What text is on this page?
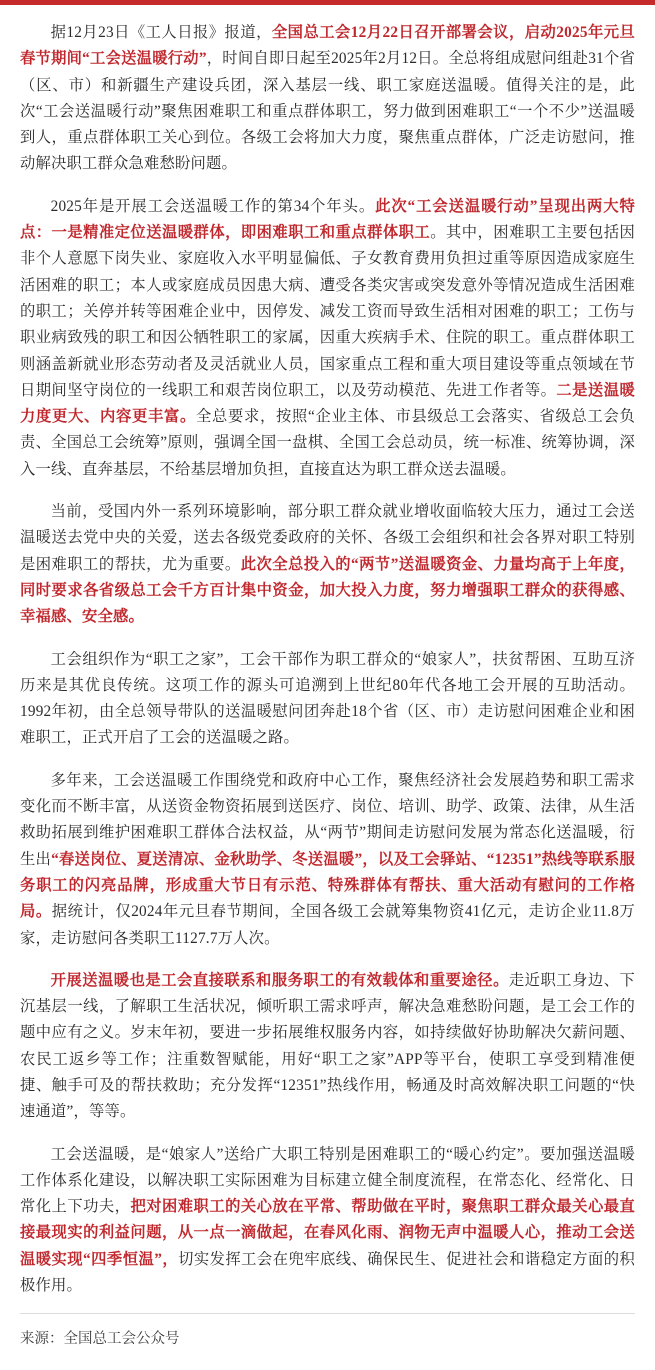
据12月23日《工人日报》报道，全国总工会12月22日召开部署会议，启动2025年元旦春节期间“工会送温暖行动”，时间自即日起至2025年2月12日。全总将组成慰问组赴31个省（区、市）和新疆生产建设兵团，深入基层一线、职工家庭送温暖。值得关注的是，此次“工会送温暖行动”聚焦困难职工和重点群体职工，努力做到困难职工“一个不少”送温暖到人，重点群体职工关心到位。各级工会将加大力度，聚焦重点群体，广泛走访慰问，推动解决职工群众急难愁盼问题。

2025年是开展工会送温暖工作的第34个年头。此次“工会送温暖行动”呈现出两大特点：一是精准定位送温暖群体，即困难职工和重点群体职工。其中，困难职工主要包括因非个人意愿下岗失业、家庭收入水平明显偏低、子女教育费用负担过重等原因造成家庭生活困难的职工；本人或家庭成员因患大病、遭受各类灾害或突发意外等情况造成生活困难的职工；关停并转等困难企业中，因停发、减发工资而导致生活相对困难的职工；工伤与职业病致残的职工和因公牺牲职工的家属，因重大疾病手术、住院的职工。重点群体职工则涵盖新就业形态劳动者及灵活就业人员，国家重点工程和重大项目建设等重点领域在节日期间坚守岗位的一线职工和艰苦岗位职工，以及劳动模范、先进工作者等。二是送温暖力度更大、内容更丰富。全总要求，按照“企业主体、市县级总工会落实、省级总工会负责、全国总工会统筹”原则，强调全国一盘棋、全国工会总动员，统一标准、统筹协调，深入一线、直奔基层，不给基层增加负担，直接直达为职工群众送去温暖。

当前，受国内外一系列环境影响，部分职工群众就业增收面临较大压力，通过工会送温暖送去党中央的关爱，送去各级党委政府的关怀、各级工会组织和社会各界对职工特别是困难职工的帮扶，尤为重要。此次全总投入的“两节”送温暖资金、力量均高于上年度，同时要求各省级总工会千方百计集中资金，加大投入力度，努力增强职工群众的获得感、幸福感、安全感。

工会组织作为“职工之家”，工会干部作为职工群众的“娘家人”，扶贫帮困、互助互济历来是其优良传统。这项工作的源头可追溯到上世纪80年代各地工会开展的互助活动。1992年初，由全总领导带队的送温暖慰问团奔赴18个省（区、市）走访慰问困难企业和困难职工，正式开启了工会的送温暖之路。

多年来，工会送温暖工作围绕党和政府中心工作，聚焦经济社会发展趋势和职工需求变化而不断丰富，从送资金物资拓展到送医疗、岗位、培训、助学、政策、法律，从生活救助拓展到维护困难职工群体合法权益，从“两节”期间走访慰问发展为常态化送温暖，衍生出“春送岗位、夏送清凉、金秋助学、冬送温暖”，以及工会驿站、“12351”热线等联系服务职工的闪亮品牌，形成重大节日有示范、特殊群体有帮扶、重大活动有慰问的工作格局。据统计，仅2024年元旦春节期间，全国各级工会就筹集物资41亿元，走访企业11.8万家，走访慰问各类职工1127.7万人次。

开展送温暖也是工会直接联系和服务职工的有效载体和重要途径。走近职工身边、下沉基层一线，了解职工生活状况，倾听职工需求呼声，解决急难愁盼问题，是工会工作的题中应有之义。岁末年初，要进一步拓展维权服务内容，如持续做好协助解决欠薪问题、农民工返乡等工作；注重数智赋能，用好“职工之家”APP等平台，使职工享受到精准便捷、触手可及的帮扶救助；充分发挥“12351”热线作用，畅通及时高效解决职工问题的“快速通道”，等等。

工会送温暖，是“娘家人”送给广大职工特别是困难职工的“暖心约定”。要加强送温暖工作体系化建设，以解决职工实际困难为目标建立健全制度流程，在常态化、经常化、日常化上下功夫，把对困难职工的关心放在平常、帮助做在平时，聚焦职工群众最关心最直接最现实的利益问题，从一点一滴做起，在春风化雨、润物无声中温暖人心，推动工会送温暖实现“四季恒温”，切实发挥工会在兜牢底线、确保民生、促进社会和谐稳定方面的积极作用。

来源：全国总工会公众号
